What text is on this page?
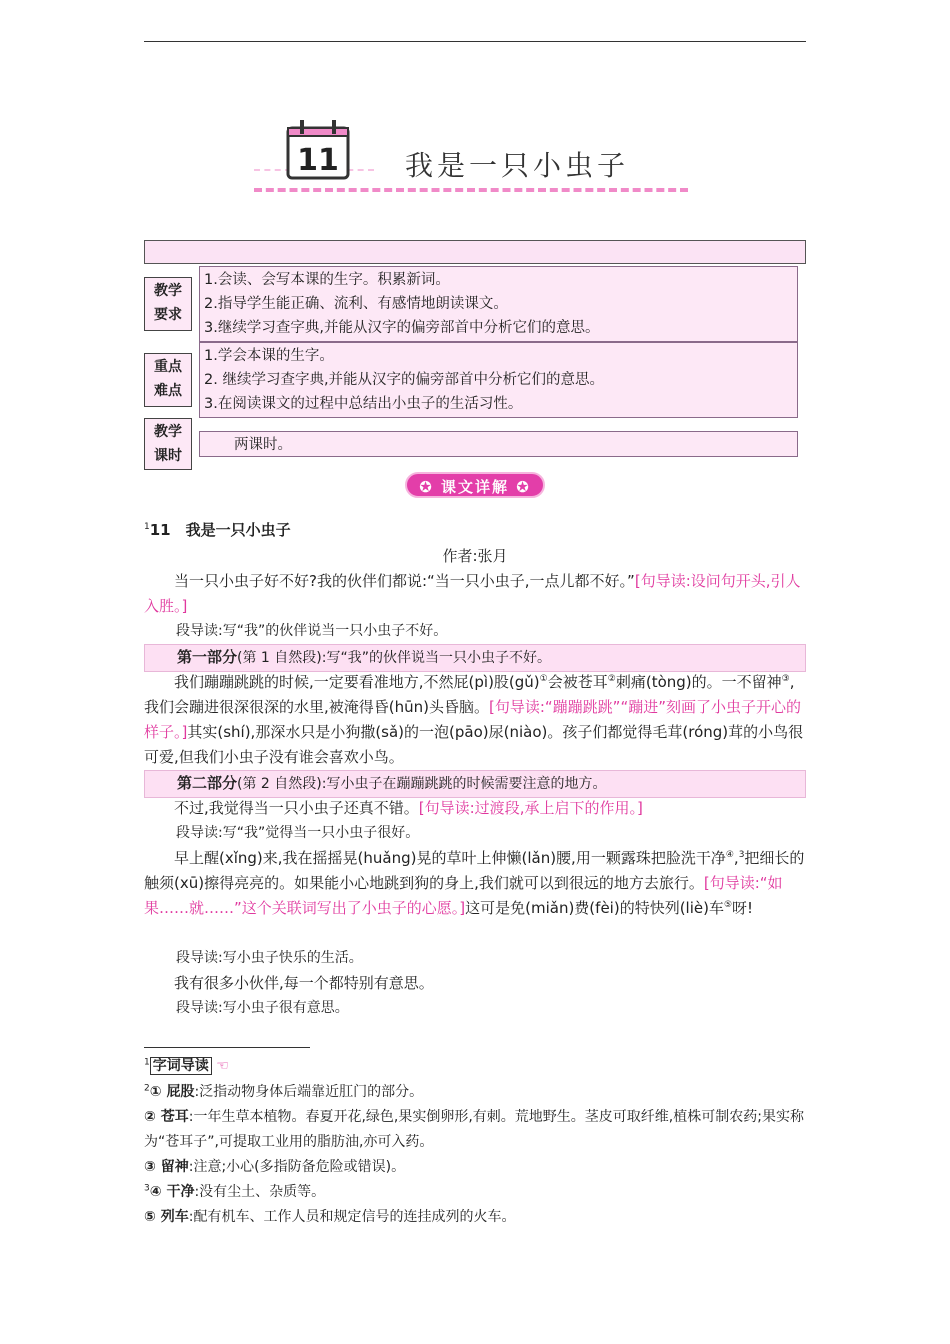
11 我是一只小虫子
教学
要求
1.会读、会写本课的生字。积累新词。
2.指导学生能正确、流利、有感情地朗读课文。
3.继续学习查字典,并能从汉字的偏旁部首中分析它们的意思。
重点
难点
1.学会本课的生字。
2. 继续学习查字典,并能从汉字的偏旁部首中分析它们的意思。
3.在阅读课文的过程中总结出小虫子的生活习性。
教学
课时
两课时。
✪ 课文详解 ✪
$^1$11　我是一只小虫子
作者:张月
当一只小虫子好不好?我的伙伴们都说:“当一只小虫子,一点儿都不好。”[句导读:设问句开头,引人入胜。]
段导读:写“我”的伙伴说当一只小虫子不好。
第一部分(第 1 自然段):写“我”的伙伴说当一只小虫子不好。
我们蹦蹦跳跳的时候,一定要看准地方,不然屁(pì)股(gǔ)①会被苍耳②刺痛(tòng)的。一不留神③,我们会蹦进很深很深的水里,被淹得昏(hūn)头昏脑。[句导读:“蹦蹦跳跳”“蹦进”刻画了小虫子开心的样子。]其实(shí),那深水只是小狗撒(sǎ)的一泡(pāo)尿(niào)。孩子们都觉得毛茸(róng)茸的小鸟很可爱,但我们小虫子没有谁会喜欢小鸟。
第二部分(第 2 自然段):写小虫子在蹦蹦跳跳的时候需要注意的地方。
不过,我觉得当一只小虫子还真不错。[句导读:过渡段,承上启下的作用。]
段导读:写“我”觉得当一只小虫子很好。
早上醒(xǐng)来,我在摇摇晃(huǎng)晃的草叶上伸懒(lǎn)腰,用一颗露珠把脸洗干净④,$^3$把细长的触须(xū)擦得亮亮的。如果能小心地跳到狗的身上,我们就可以到很远的地方去旅行。[句导读:“如果……就……”这个关联词写出了小虫子的心愿。]这可是免(miǎn)费(fèi)的特快列(liè)车⑤呀!
段导读:写小虫子快乐的生活。
我有很多小伙伴,每一个都特别有意思。
段导读:写小虫子很有意思。
$^1$ 字词导读 ☜
$^2$① 屁股:泛指动物身体后端靠近肛门的部分。
② 苍耳:一年生草本植物。春夏开花,绿色,果实倒卵形,有刺。荒地野生。茎皮可取纤维,植株可制农药;果实称为“苍耳子”,可提取工业用的脂肪油,亦可入药。
③ 留神:注意;小心(多指防备危险或错误)。
$^3$④ 干净:没有尘土、杂质等。
⑤ 列车:配有机车、工作人员和规定信号的连挂成列的火车。
